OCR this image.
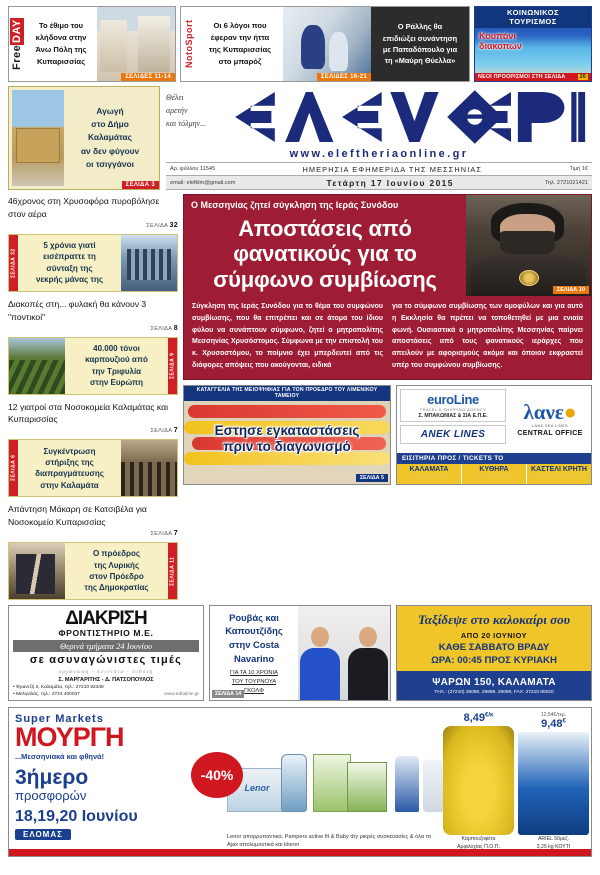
Free
DAY Το έθιμο του
κλήδονα στην
Άνω Πόλη της
Κυπαρισσίας
ΣΕΛΙΔΕΣ 11-14
NotoSport	Οι 6 λόγοι που
έφεραν την ήττα
της Κυπαρισσίας
στο μπαρόζ
ΣΕΛΙΔΕΣ 16-21
Ο Ράλλης θα
επιδιώξει συνάντηση
με Παπαδόπουλο για
τη «Μαύρη Θύελλα»
ΚΟΙΝΩΝΙΚΟΣ
ΤΟΥΡΙΣΜΟΣ
Κουπόνι
διακοπών
20
ΝΕΟΙ ΠΡΟΟΡΙΣΜΟΙ ΣΤΗ ΣΕΛΙΔΑ
Αγωγή
στο Δήμο
Καλαμάτας
αν δεν φύγουν
οι τσιγγάνοι
ΣΕΛΙΔΑ 3
Θέλει
αρετήν
και τόλμην...
www.eleftheriaonline.gr
Αρ. φύλλου 11545	ΗΜΕΡΗΣΙΑ ΕΦΗΜΕΡΙΔΑ ΤΗΣ ΜΕΣΣΗΝΙΑΣ	Τιμή 1€
email: elefklm@gmail.com	Τετάρτη 17 Ιουνίου 2015	Τηλ. 2721021421
46χρονος στη Χρυσοφόρα πυροβόλησε στον αέρα
ΣΕΛΙΔΑ 32
ΣΕΛΙΔΑ 32
5 χρόνια γιατί
εισέπραττε τη
σύνταξη της
νεκρής μάνας της
Διακοπές στη... φυλακή θα κάνουν 3 "ποντικοί"
ΣΕΛΙΔΑ 8
40.000 τόνοι
καρπουζιού από
την Τριφυλία
στην Ευρώπη
ΣΕΛΙΔΑ 9
12 γιατροί στα Νοσοκομεία Καλαμάτας και Κυπαρισσίας
ΣΕΛΙΔΑ 7
ΣΕΛΙΔΑ 6
Συγκέντρωση
στήριξης της
διαπραγμάτευσης
στην Καλαμάτα
Απάντηση Μάκαρη σε Κατσιβέλα για Νοσοκομείο Κυπαρισσίας
ΣΕΛΙΔΑ 7
Ο πρόεδρος
της Λυρικής
στον Πρόεδρο
της Δημοκρατίας
ΣΕΛΙΔΑ 11
Ο Μεσσηνίας ζητεί σύγκληση της Ιεράς Συνόδου
Αποστάσεις από
φανατικούς για το
σύμφωνο συμβίωσης	ΣΕΛΙΔΑ 10
Σύγκληση της Ιεράς Συνόδου για το θέμα του συμφώνου συμβίωσης, που θα επιτρέπει και σε άτομα του ίδιου φύλου να συνάπτουν σύμφωνο, ζητεί ο μητροπολίτης Μεσσηνίας Χρυσόστομος. Σύμφωνα με την επιστολή του κ. Χρυσοστόμου, το ποίμνιο έχει μπερδευτεί από τις διάφορες απόψεις που ακούγονται, ειδικά
για το σύμφωνο συμβίωσης των ομοφύλων και για αυτό η Εκκλησία θα πρέπει να τοποθετηθεί με μια ενιαία φωνή. Ουσιαστικά ο μητροπολίτης Μεσσηνίας παίρνει αποστάσεις από τους φανατικούς ιεράρχες που απειλούν με αφορισμούς ακόμα και όποιον εκφραστεί υπέρ του συμφώνου συμβίωσης.
ΚΑΤΑΓΓΕΛΙΑ ΤΗΣ ΜΕΙΟΨΗΦΙΑΣ ΓΙΑ ΤΟΝ ΠΡΟΕΔΡΟ ΤΟΥ ΛΙΜΕΝΙΚΟΥ ΤΑΜΕΙΟΥ
Εστησε εγκαταστάσεις
πριν το διαγωνισμό
ΣΕΛΙΔΑ 5
euroLine
TRAVEL & SHIPPING AGENCY
Σ. ΜΠΑΚΩΝΙΑΣ & ΣΙΑ Ε.Π.Ε.
ANEK LINES
λανε●
LANE SEA LINES
CENTRAL OFFICE
ΕΙΣΙΤΗΡΙΑ ΠΡΟΣ / TICKETS TO
ΚΑΛΑΜΑΤΑ
KALAMATA
ΚΥΘΗΡΑ
KYTHERA
ΚΑΣΤΕΛΙ ΚΡΗΤΗ
KASTELI CRETE
ΔΙΑΚΡΙΣΗ
ΦΡΟΝΤΙΣΤΗΡΙΟ Μ.Ε.
Θερινά τμήματα 24 Ιουνίου
σε ασυναγώνιστες τιμές
οργάνωση - ποιότητα - ευθύνη
Σ. ΜΑΡΓΑΡΙΤΗΣ - Δ. ΠΑΤΣΟΠΟΥΛΟΣ
• Φραντζή 2, Καλαμάτα, τηλ.: 27210 82348
• Μελιγαλάς, τηλ.: 2724 400037	www.ediakrisi.gr
Ρουβάς και
Καπουτζίδης
στην Costa
Navarino
ΓΙΑ ΤΑ 10 ΧΡΟΝΙΑ
ΤΟΥ ΤΟΥΡΝΟΥΑ
ΓΚΟΛΦ
ΣΕΛΙΔΑ 14
Ταξίδεψε στο καλοκαίρι σου
ΑΠΟ 20 ΙΟΥΝΙΟΥ
ΚΑΘΕ ΣΑΒΒΑΤΟ ΒΡΑΔΥ
ΩΡΑ: 00:45 ΠΡΟΣ ΚΥΡΙΑΚΗ
ΨΑΡΩΝ 150, ΚΑΛΑΜΑΤΑ
ΤΗΛ.: (27210) 28080, 29899, 28099, FAX: 27210 80020
Super Markets
ΜΟΥΡΓΗ
...Μεσσηνιακά και φθηνά!
3ήμερο
προσφορών
18,19,20 Ιουνίου
ΕΛΟΜΑΣ
-40%
Lenor
Lenor απορρυπαντικά, Pampers active fit & Baby dry μικρές συσκευασίες & όλα τα Ajax απολυμαντικά και kloron
$8,49^{€/\kappa}$
Καρπουζοφέτα
Αμφιλοχίας Π.Ο.Π.
12,54€/τεμ.
9,48€
ARIEL 50μεζ.
3,25 kg ΚΟΥΤΙ
